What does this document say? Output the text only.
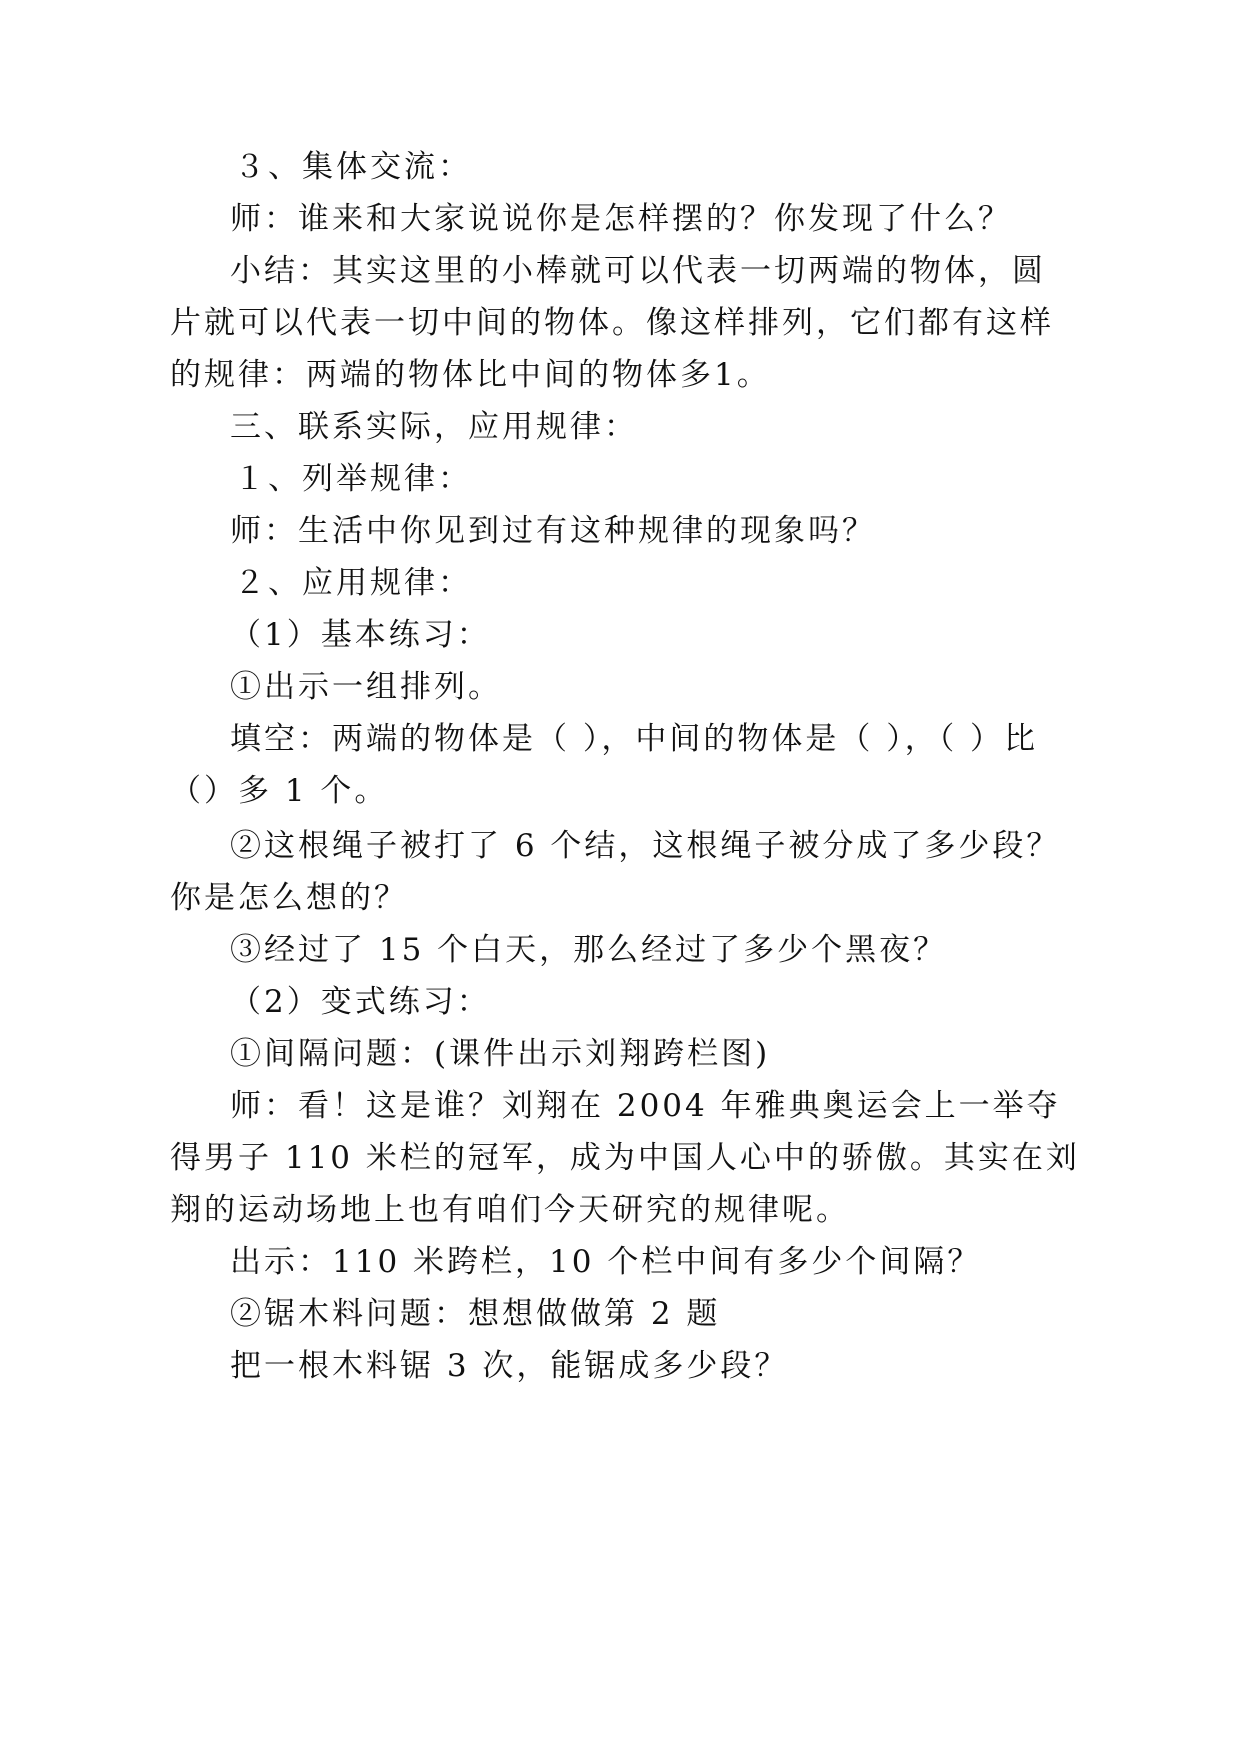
３、集体交流：
师：谁来和大家说说你是怎样摆的？你发现了什么？
小结：其实这里的小棒就可以代表一切两端的物体，圆
片就可以代表一切中间的物体。像这样排列，它们都有这样
的规律：两端的物体比中间的物体多1。
三、联系实际，应用规律：
１、列举规律：
师：生活中你见到过有这种规律的现象吗？
２、应用规律：
（1）基本练习：
①出示一组排列。
填空：两端的物体是（ ），中间的物体是（ ），（ ）比
（）多 1 个。
②这根绳子被打了 6 个结，这根绳子被分成了多少段？
你是怎么想的？
③经过了 15 个白天，那么经过了多少个黑夜？
（2）变式练习：
①间隔问题：(课件出示刘翔跨栏图)
师：看！这是谁？刘翔在 2004 年雅典奥运会上一举夺
得男子 110 米栏的冠军，成为中国人心中的骄傲。其实在刘
翔的运动场地上也有咱们今天研究的规律呢。
出示：110 米跨栏，10 个栏中间有多少个间隔？
②锯木料问题：想想做做第 2 题
把一根木料锯 3 次，能锯成多少段？
